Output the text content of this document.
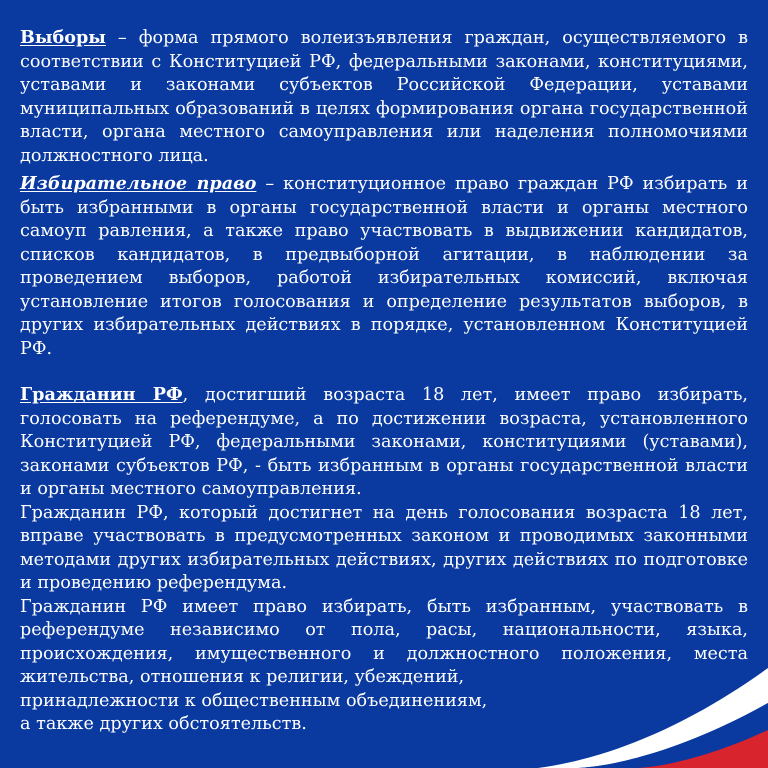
Выборы – форма прямого волеизъявления граждан, осуществляемого в соответствии с Конституцией РФ, федеральными законами, конституциями, уставами и законами субъектов Российской Федерации, уставами муниципальных образований в целях формирования органа государственной власти, органа местного самоуправления или наделения полномочиями должностного лица.

Избирательное право – конституционное право граждан РФ избирать и быть избранными в органы государственной власти и органы местного самоуп равления, а также право участвовать в выдвижении кандидатов, списков кандидатов, в предвыборной агитации, в наблюдении за проведением выборов, работой избирательных комиссий, включая установление итогов голосования и определение результатов выборов, в других избирательных действиях в порядке, установленном Конституцией РФ.

Гражданин РФ, достигший возраста 18 лет, имеет право избирать, голосовать на референдуме, а по достижении возраста, установленного Конституцией РФ, федеральными законами, конституциями (уставами), законами субъектов РФ, - быть избранным в органы государственной власти и органы местного самоуправления.

Гражданин РФ, который достигнет на день голосования возраста 18 лет, вправе участвовать в предусмотренных законом и проводимых законными методами других избирательных действиях, других действиях по подготовке и проведению референдума.

Гражданин РФ имеет право избирать, быть избранным, участвовать в референдуме независимо от пола, расы, национальности, языка, происхождения, имущественного и должностного положения, места жительства, отношения к религии, убеждений,

принадлежности к общественным объединениям,
а также других обстоятельств.
